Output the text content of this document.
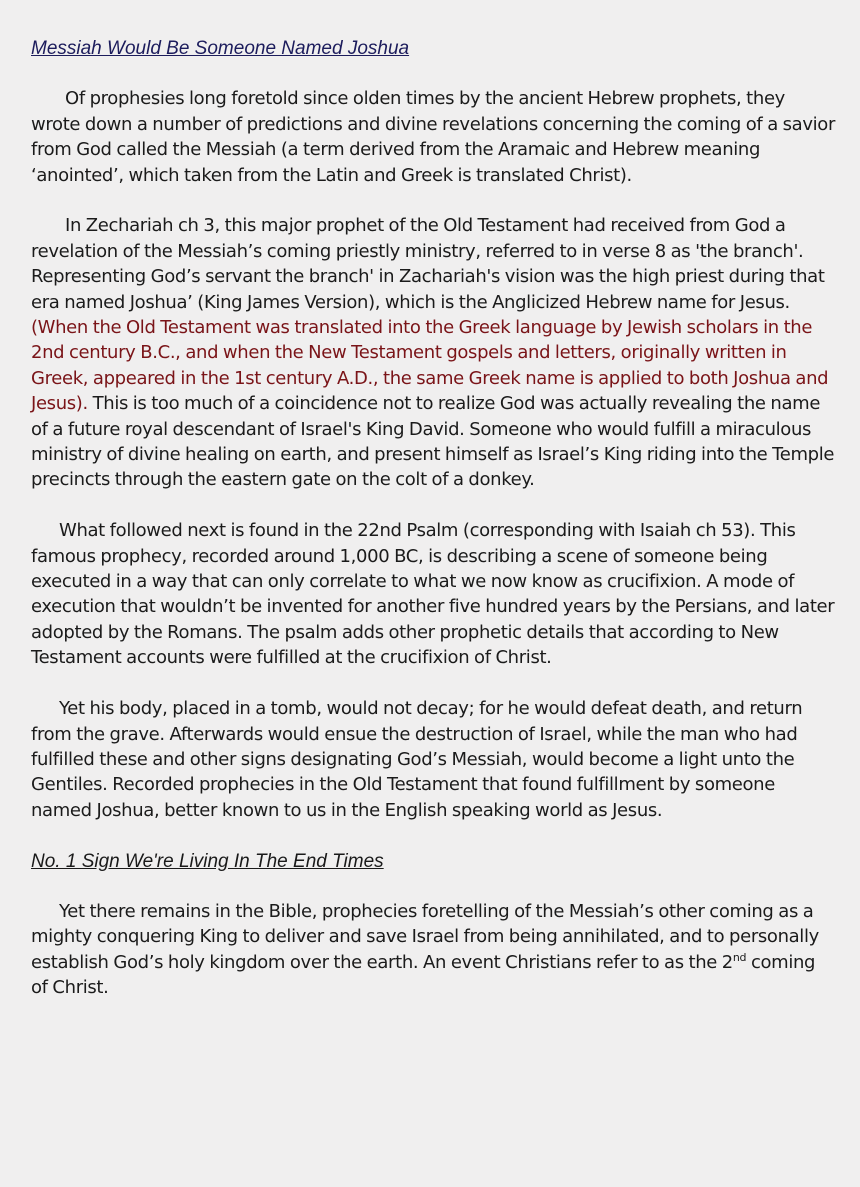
Messiah Would Be Someone Named Joshua

Of prophesies long foretold since olden times by the ancient Hebrew prophets, they wrote down a number of predictions and divine revelations concerning the coming of a savior from God called the Messiah (a term derived from the Aramaic and Hebrew meaning ‘anointed’, which taken from the Latin and Greek is translated Christ).

In Zechariah ch 3, this major prophet of the Old Testament had received from God a revelation of the Messiah’s coming priestly ministry, referred to in verse 8 as 'the branch'. Representing God’s servant the branch' in Zachariah's vision was the high priest during that era named Joshua’ (King James Version), which is the Anglicized Hebrew name for Jesus. (When the Old Testament was translated into the Greek language by Jewish scholars in the 2nd century B.C., and when the New Testament gospels and letters, originally written in Greek, appeared in the 1st century A.D., the same Greek name is applied to both Joshua and Jesus). This is too much of a coincidence not to realize God was actually revealing the name of a future royal descendant of Israel's King David. Someone who would fulfill a miraculous ministry of divine healing on earth, and present himself as Israel’s King riding into the Temple precincts through the eastern gate on the colt of a donkey.

What followed next is found in the 22nd Psalm (corresponding with Isaiah ch 53). This famous prophecy, recorded around 1,000 BC, is describing a scene of someone being executed in a way that can only correlate to what we now know as crucifixion. A mode of execution that wouldn’t be invented for another five hundred years by the Persians, and later adopted by the Romans. The psalm adds other prophetic details that according to New Testament accounts were fulfilled at the crucifixion of Christ.

Yet his body, placed in a tomb, would not decay; for he would defeat death, and return from the grave. Afterwards would ensue the destruction of Israel, while the man who had fulfilled these and other signs designating God’s Messiah, would become a light unto the Gentiles. Recorded prophecies in the Old Testament that found fulfillment by someone named Joshua, better known to us in the English speaking world as Jesus.

No. 1 Sign We're Living In The End Times

Yet there remains in the Bible, prophecies foretelling of the Messiah’s other coming as a mighty conquering King to deliver and save Israel from being annihilated, and to personally establish God’s holy kingdom over the earth. An event Christians refer to as the 2nd coming of Christ.
